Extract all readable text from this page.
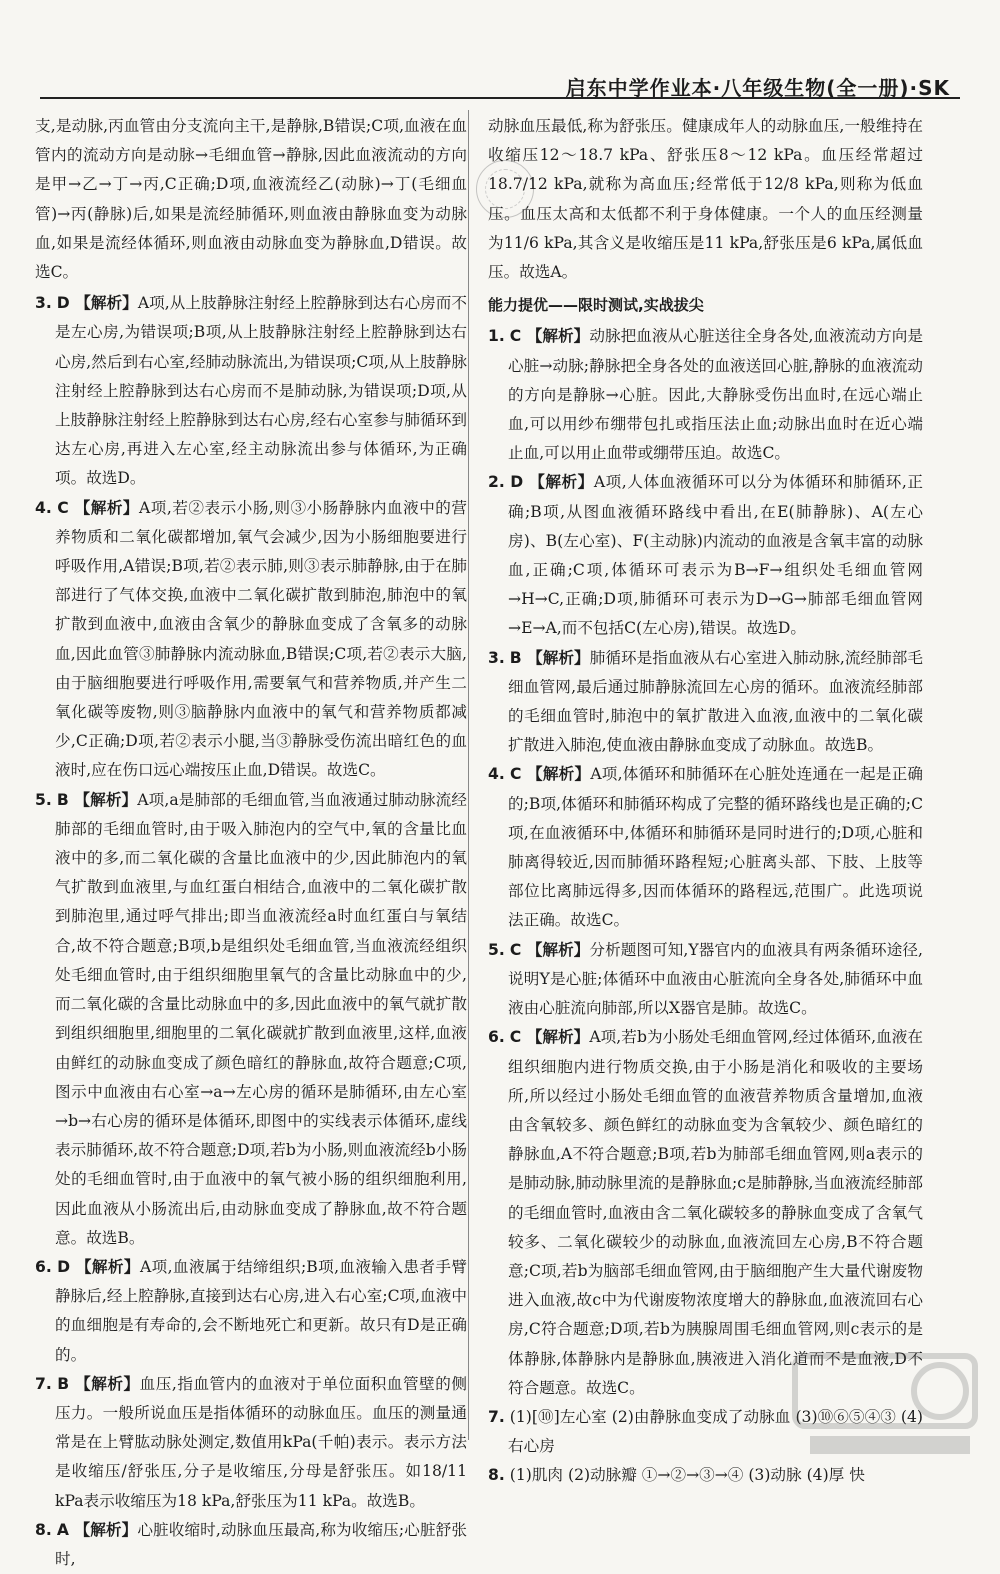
启东中学作业本·八年级生物(全一册)·SK

支,是动脉,丙血管由分支流向主干,是静脉,B错误;C项,血液在血管内的流动方向是动脉→毛细血管→静脉,因此血液流动的方向是甲→乙→丁→丙,C正确;D项,血液流经乙(动脉)→丁(毛细血管)→丙(静脉)后,如果是流经肺循环,则血液由静脉血变为动脉血,如果是流经体循环,则血液由动脉血变为静脉血,D错误。故选C。

3. D 【解析】A项,从上肢静脉注射经上腔静脉到达右心房而不是左心房,为错误项;B项,从上肢静脉注射经上腔静脉到达右心房,然后到右心室,经肺动脉流出,为错误项;C项,从上肢静脉注射经上腔静脉到达右心房而不是肺动脉,为错误项;D项,从上肢静脉注射经上腔静脉到达右心房,经右心室参与肺循环到达左心房,再进入左心室,经主动脉流出参与体循环,为正确项。故选D。

4. C 【解析】A项,若②表示小肠,则③小肠静脉内血液中的营养物质和二氧化碳都增加,氧气会减少,因为小肠细胞要进行呼吸作用,A错误;B项,若②表示肺,则③表示肺静脉,由于在肺部进行了气体交换,血液中二氧化碳扩散到肺泡,肺泡中的氧扩散到血液中,血液由含氧少的静脉血变成了含氧多的动脉血,因此血管③肺静脉内流动脉血,B错误;C项,若②表示大脑,由于脑细胞要进行呼吸作用,需要氧气和营养物质,并产生二氧化碳等废物,则③脑静脉内血液中的氧气和营养物质都减少,C正确;D项,若②表示小腿,当③静脉受伤流出暗红色的血液时,应在伤口远心端按压止血,D错误。故选C。

5. B 【解析】A项,a是肺部的毛细血管,当血液通过肺动脉流经肺部的毛细血管时,由于吸入肺泡内的空气中,氧的含量比血液中的多,而二氧化碳的含量比血液中的少,因此肺泡内的氧气扩散到血液里,与血红蛋白相结合,血液中的二氧化碳扩散到肺泡里,通过呼气排出;即当血液流经a时血红蛋白与氧结合,故不符合题意;B项,b是组织处毛细血管,当血液流经组织处毛细血管时,由于组织细胞里氧气的含量比动脉血中的少,而二氧化碳的含量比动脉血中的多,因此血液中的氧气就扩散到组织细胞里,细胞里的二氧化碳就扩散到血液里,这样,血液由鲜红的动脉血变成了颜色暗红的静脉血,故符合题意;C项,图示中血液由右心室→a→左心房的循环是肺循环,由左心室→b→右心房的循环是体循环,即图中的实线表示体循环,虚线表示肺循环,故不符合题意;D项,若b为小肠,则血液流经b小肠处的毛细血管时,由于血液中的氧气被小肠的组织细胞利用,因此血液从小肠流出后,由动脉血变成了静脉血,故不符合题意。故选B。

6. D 【解析】A项,血液属于结缔组织;B项,血液输入患者手臂静脉后,经上腔静脉,直接到达右心房,进入右心室;C项,血液中的血细胞是有寿命的,会不断地死亡和更新。故只有D是正确的。

7. B 【解析】血压,指血管内的血液对于单位面积血管壁的侧压力。一般所说血压是指体循环的动脉血压。血压的测量通常是在上臂肱动脉处测定,数值用kPa(千帕)表示。表示方法是收缩压/舒张压,分子是收缩压,分母是舒张压。如18/11 kPa表示收缩压为18 kPa,舒张压为11 kPa。故选B。

8. A 【解析】心脏收缩时,动脉血压最高,称为收缩压;心脏舒张时,

动脉血压最低,称为舒张压。健康成年人的动脉血压,一般维持在收缩压12～18.7 kPa、舒张压8～12 kPa。血压经常超过18.7/12 kPa,就称为高血压;经常低于12/8 kPa,则称为低血压。血压太高和太低都不利于身体健康。一个人的血压经测量为11/6 kPa,其含义是收缩压是11 kPa,舒张压是6 kPa,属低血压。故选A。

能力提优——限时测试,实战拔尖

1. C 【解析】动脉把血液从心脏送往全身各处,血液流动方向是心脏→动脉;静脉把全身各处的血液送回心脏,静脉的血液流动的方向是静脉→心脏。因此,大静脉受伤出血时,在远心端止血,可以用纱布绷带包扎或指压法止血;动脉出血时在近心端止血,可以用止血带或绷带压迫。故选C。

2. D 【解析】A项,人体血液循环可以分为体循环和肺循环,正确;B项,从图血液循环路线中看出,在E(肺静脉)、A(左心房)、B(左心室)、F(主动脉)内流动的血液是含氧丰富的动脉血,正确;C项,体循环可表示为B→F→组织处毛细血管网→H→C,正确;D项,肺循环可表示为D→G→肺部毛细血管网→E→A,而不包括C(左心房),错误。故选D。

3. B 【解析】肺循环是指血液从右心室进入肺动脉,流经肺部毛细血管网,最后通过肺静脉流回左心房的循环。血液流经肺部的毛细血管时,肺泡中的氧扩散进入血液,血液中的二氧化碳扩散进入肺泡,使血液由静脉血变成了动脉血。故选B。

4. C 【解析】A项,体循环和肺循环在心脏处连通在一起是正确的;B项,体循环和肺循环构成了完整的循环路线也是正确的;C项,在血液循环中,体循环和肺循环是同时进行的;D项,心脏和肺离得较近,因而肺循环路程短;心脏离头部、下肢、上肢等部位比离肺远得多,因而体循环的路程远,范围广。此选项说法正确。故选C。

5. C 【解析】分析题图可知,Y器官内的血液具有两条循环途径,说明Y是心脏;体循环中血液由心脏流向全身各处,肺循环中血液由心脏流向肺部,所以X器官是肺。故选C。

6. C 【解析】A项,若b为小肠处毛细血管网,经过体循环,血液在组织细胞内进行物质交换,由于小肠是消化和吸收的主要场所,所以经过小肠处毛细血管的血液营养物质含量增加,血液由含氧较多、颜色鲜红的动脉血变为含氧较少、颜色暗红的静脉血,A不符合题意;B项,若b为肺部毛细血管网,则a表示的是肺动脉,肺动脉里流的是静脉血;c是肺静脉,当血液流经肺部的毛细血管时,血液由含二氧化碳较多的静脉血变成了含氧气较多、二氧化碳较少的动脉血,血液流回左心房,B不符合题意;C项,若b为脑部毛细血管网,由于脑细胞产生大量代谢废物进入血液,故c中为代谢废物浓度增大的静脉血,血液流回右心房,C符合题意;D项,若b为胰腺周围毛细血管网,则c表示的是体静脉,体静脉内是静脉血,胰液进入消化道而不是血液,D不符合题意。故选C。

7. (1)[⑩]左心室 (2)由静脉血变成了动脉血 (3)⑩⑥⑤④③ (4)右心房

8. (1)肌肉 (2)动脉瓣 ①→②→③→④ (3)动脉 (4)厚 快
